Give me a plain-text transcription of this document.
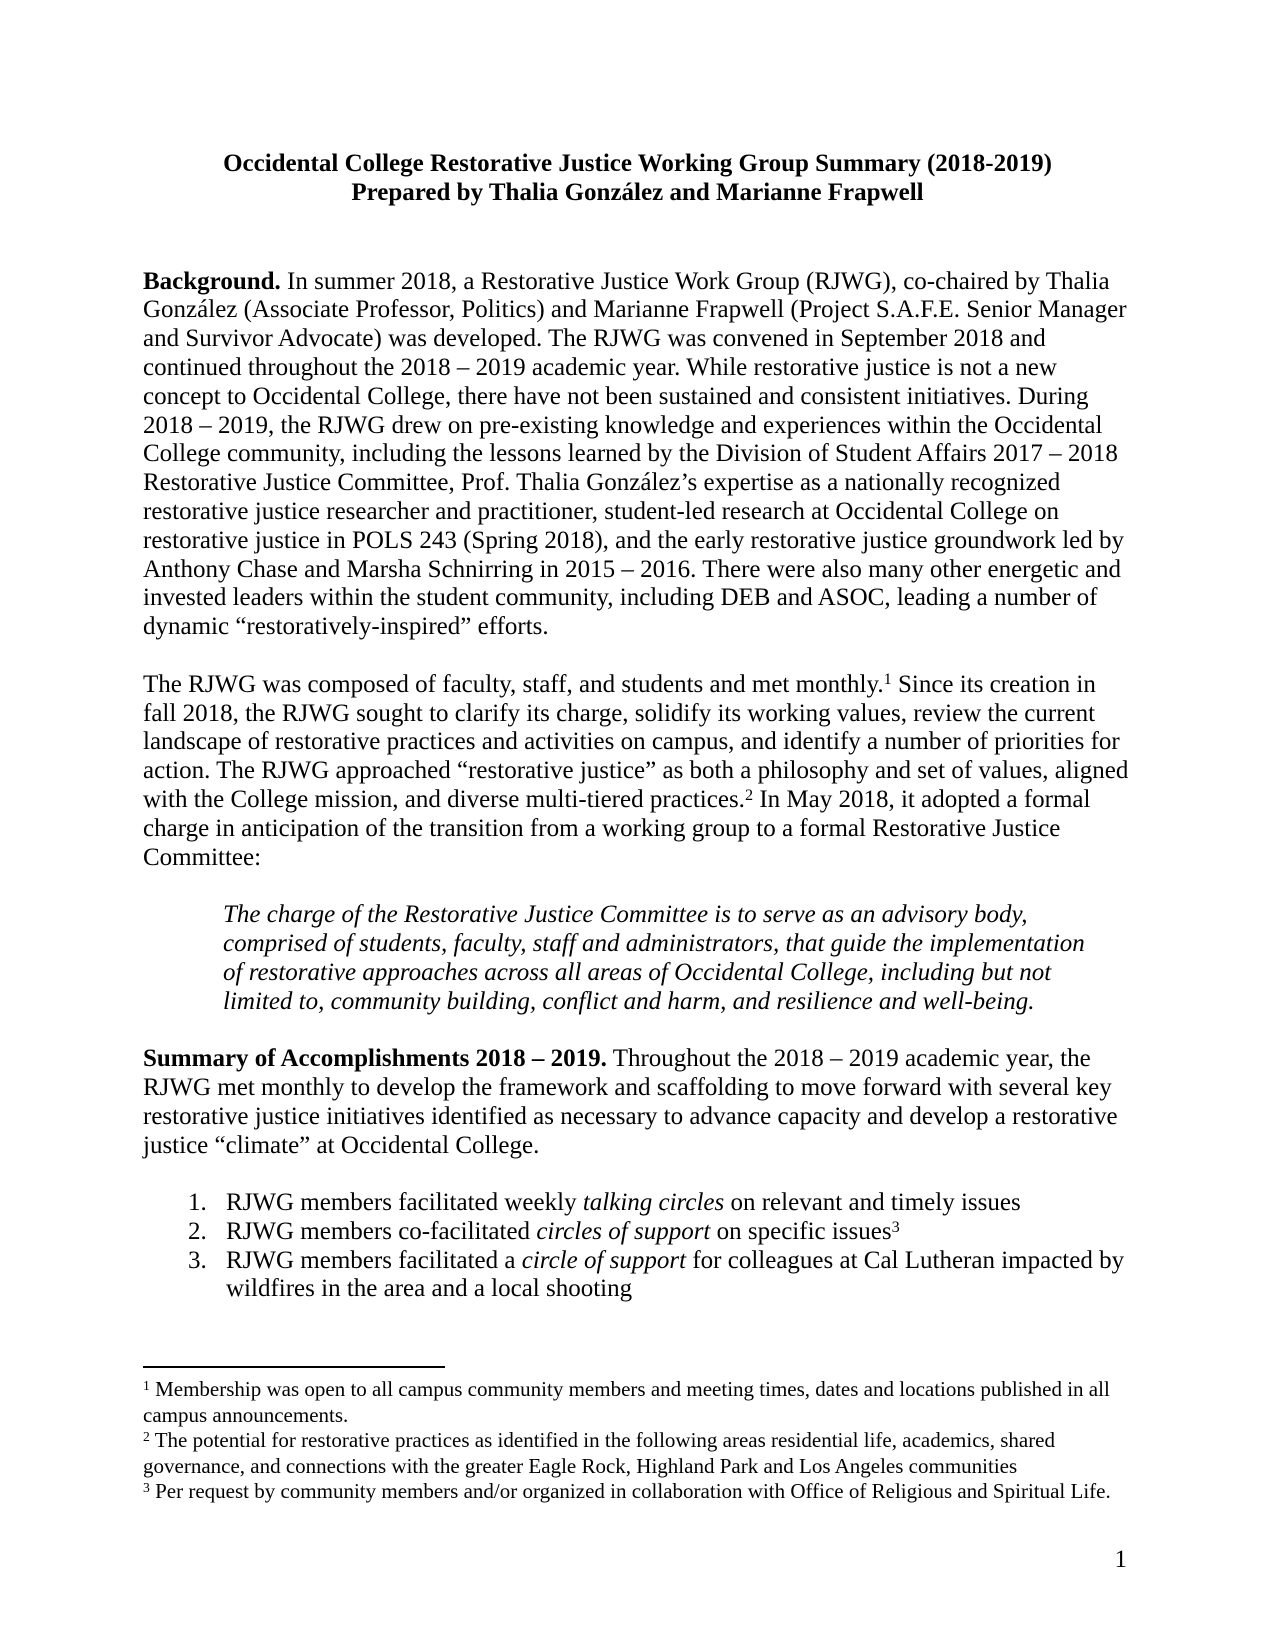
Occidental College Restorative Justice Working Group Summary (2018-2019)
Prepared by Thalia González and Marianne Frapwell

Background. In summer 2018, a Restorative Justice Work Group (RJWG), co-chaired by Thalia González (Associate Professor, Politics) and Marianne Frapwell (Project S.A.F.E. Senior Manager and Survivor Advocate) was developed. The RJWG was convened in September 2018 and continued throughout the 2018 – 2019 academic year. While restorative justice is not a new concept to Occidental College, there have not been sustained and consistent initiatives. During 2018 – 2019, the RJWG drew on pre-existing knowledge and experiences within the Occidental College community, including the lessons learned by the Division of Student Affairs 2017 – 2018 Restorative Justice Committee, Prof. Thalia González’s expertise as a nationally recognized restorative justice researcher and practitioner, student-led research at Occidental College on restorative justice in POLS 243 (Spring 2018), and the early restorative justice groundwork led by Anthony Chase and Marsha Schnirring in 2015 – 2016. There were also many other energetic and invested leaders within the student community, including DEB and ASOC, leading a number of dynamic “restoratively-inspired” efforts.

The RJWG was composed of faculty, staff, and students and met monthly.$^1$ Since its creation in fall 2018, the RJWG sought to clarify its charge, solidify its working values, review the current landscape of restorative practices and activities on campus, and identify a number of priorities for action. The RJWG approached “restorative justice” as both a philosophy and set of values, aligned with the College mission, and diverse multi-tiered practices.$^2$ In May 2018, it adopted a formal charge in anticipation of the transition from a working group to a formal Restorative Justice Committee:

The charge of the Restorative Justice Committee is to serve as an advisory body, comprised of students, faculty, staff and administrators, that guide the implementation of restorative approaches across all areas of Occidental College, including but not limited to, community building, conflict and harm, and resilience and well-being.

Summary of Accomplishments 2018 – 2019. Throughout the 2018 – 2019 academic year, the RJWG met monthly to develop the framework and scaffolding to move forward with several key restorative justice initiatives identified as necessary to advance capacity and develop a restorative justice “climate” at Occidental College.

1. RJWG members facilitated weekly talking circles on relevant and timely issues
2. RJWG members co-facilitated circles of support on specific issues$^3$
3. RJWG members facilitated a circle of support for colleagues at Cal Lutheran impacted by wildfires in the area and a local shooting
$^1$ Membership was open to all campus community members and meeting times, dates and locations published in all campus announcements.
$^2$ The potential for restorative practices as identified in the following areas residential life, academics, shared governance, and connections with the greater Eagle Rock, Highland Park and Los Angeles communities
$^3$ Per request by community members and/or organized in collaboration with Office of Religious and Spiritual Life.
1
